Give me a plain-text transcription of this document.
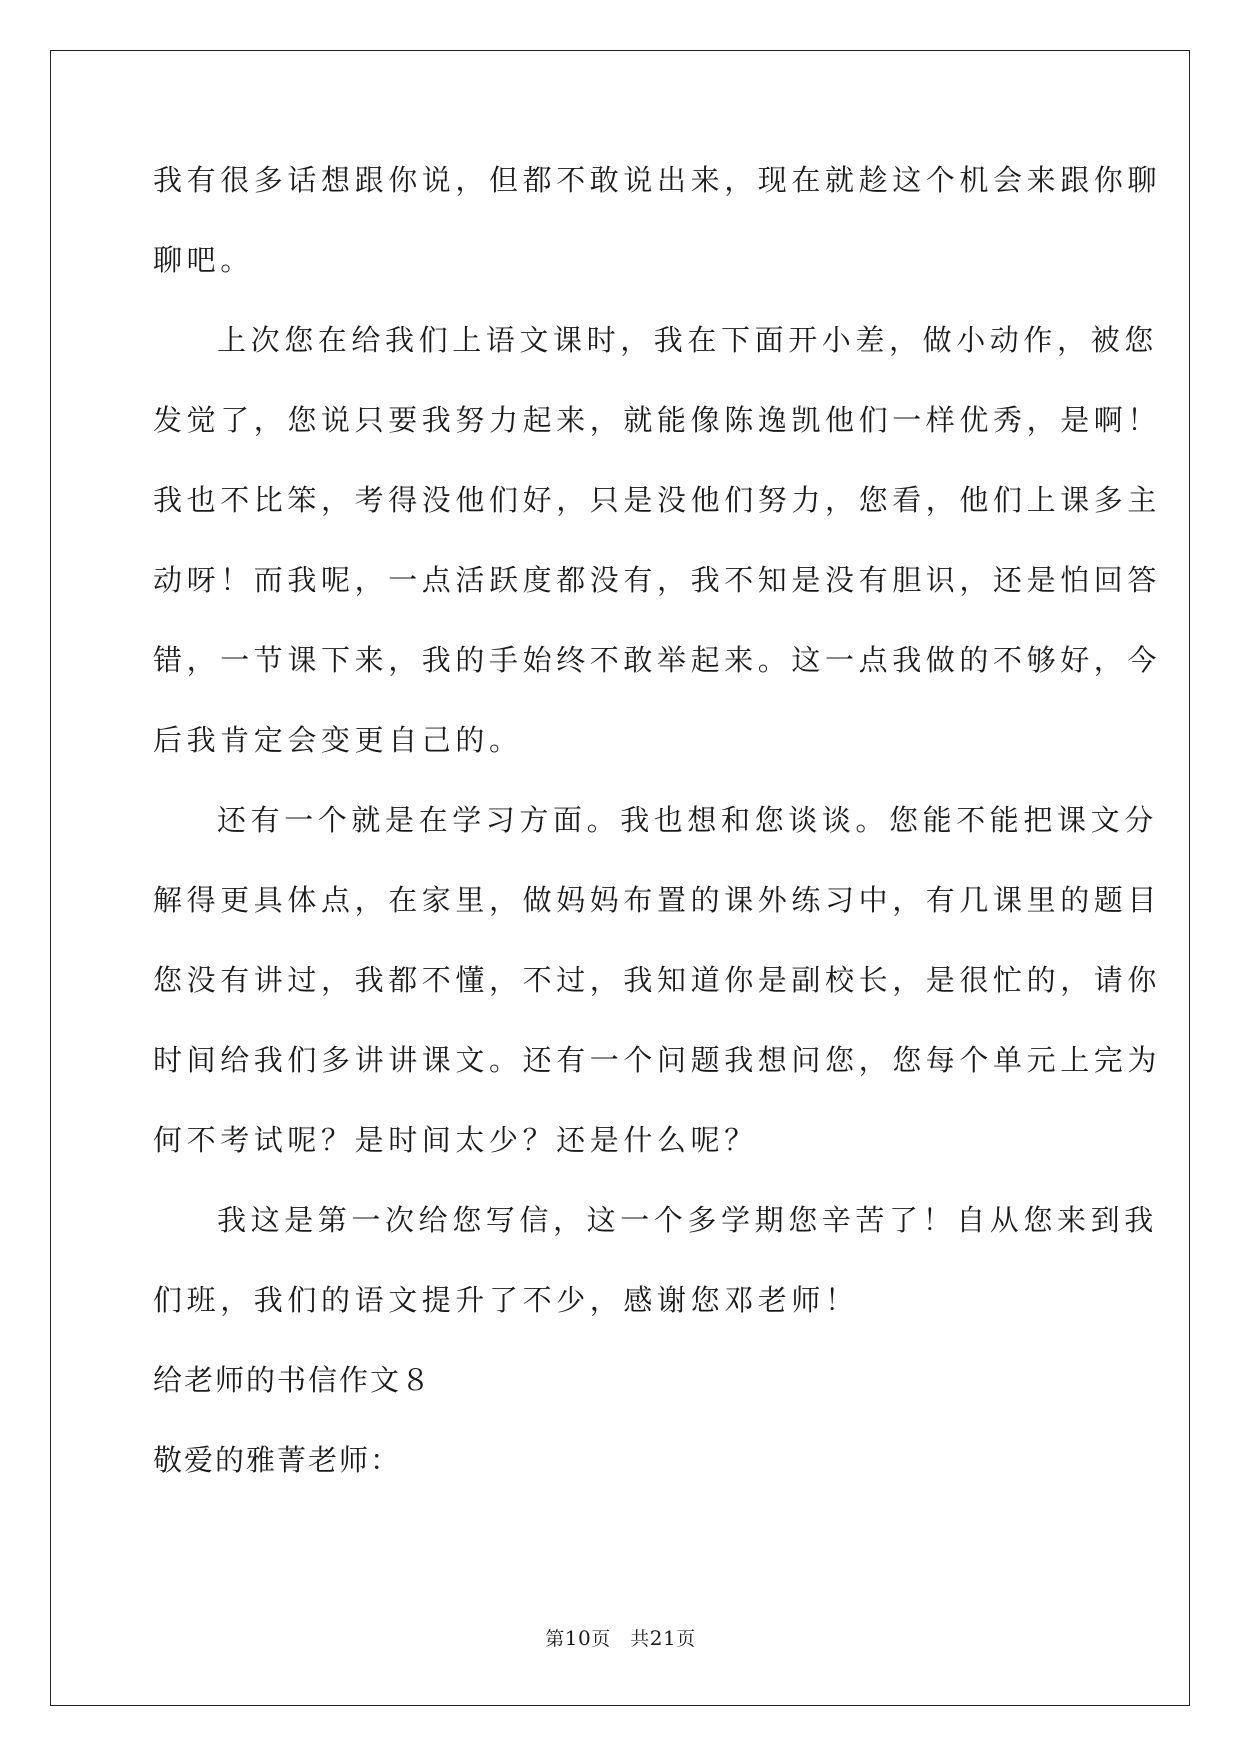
我有很多话想跟你说，但都不敢说出来，现在就趁这个机会来跟你聊
聊吧。
上次您在给我们上语文课时，我在下面开小差，做小动作，被您
发觉了，您说只要我努力起来，就能像陈逸凯他们一样优秀，是啊！
我也不比笨，考得没他们好，只是没他们努力，您看，他们上课多主
动呀！而我呢，一点活跃度都没有，我不知是没有胆识，还是怕回答
错，一节课下来，我的手始终不敢举起来。这一点我做的不够好，今
后我肯定会变更自己的。
还有一个就是在学习方面。我也想和您谈谈。您能不能把课文分
解得更具体点，在家里，做妈妈布置的课外练习中，有几课里的题目
您没有讲过，我都不懂，不过，我知道你是副校长，是很忙的，请你
时间给我们多讲讲课文。还有一个问题我想问您，您每个单元上完为
何不考试呢？是时间太少？还是什么呢？
我这是第一次给您写信，这一个多学期您辛苦了！自从您来到我
们班，我们的语文提升了不少，感谢您邓老师！
给老师的书信作文８
敬爱的雅菁老师：
第10页　共21页
